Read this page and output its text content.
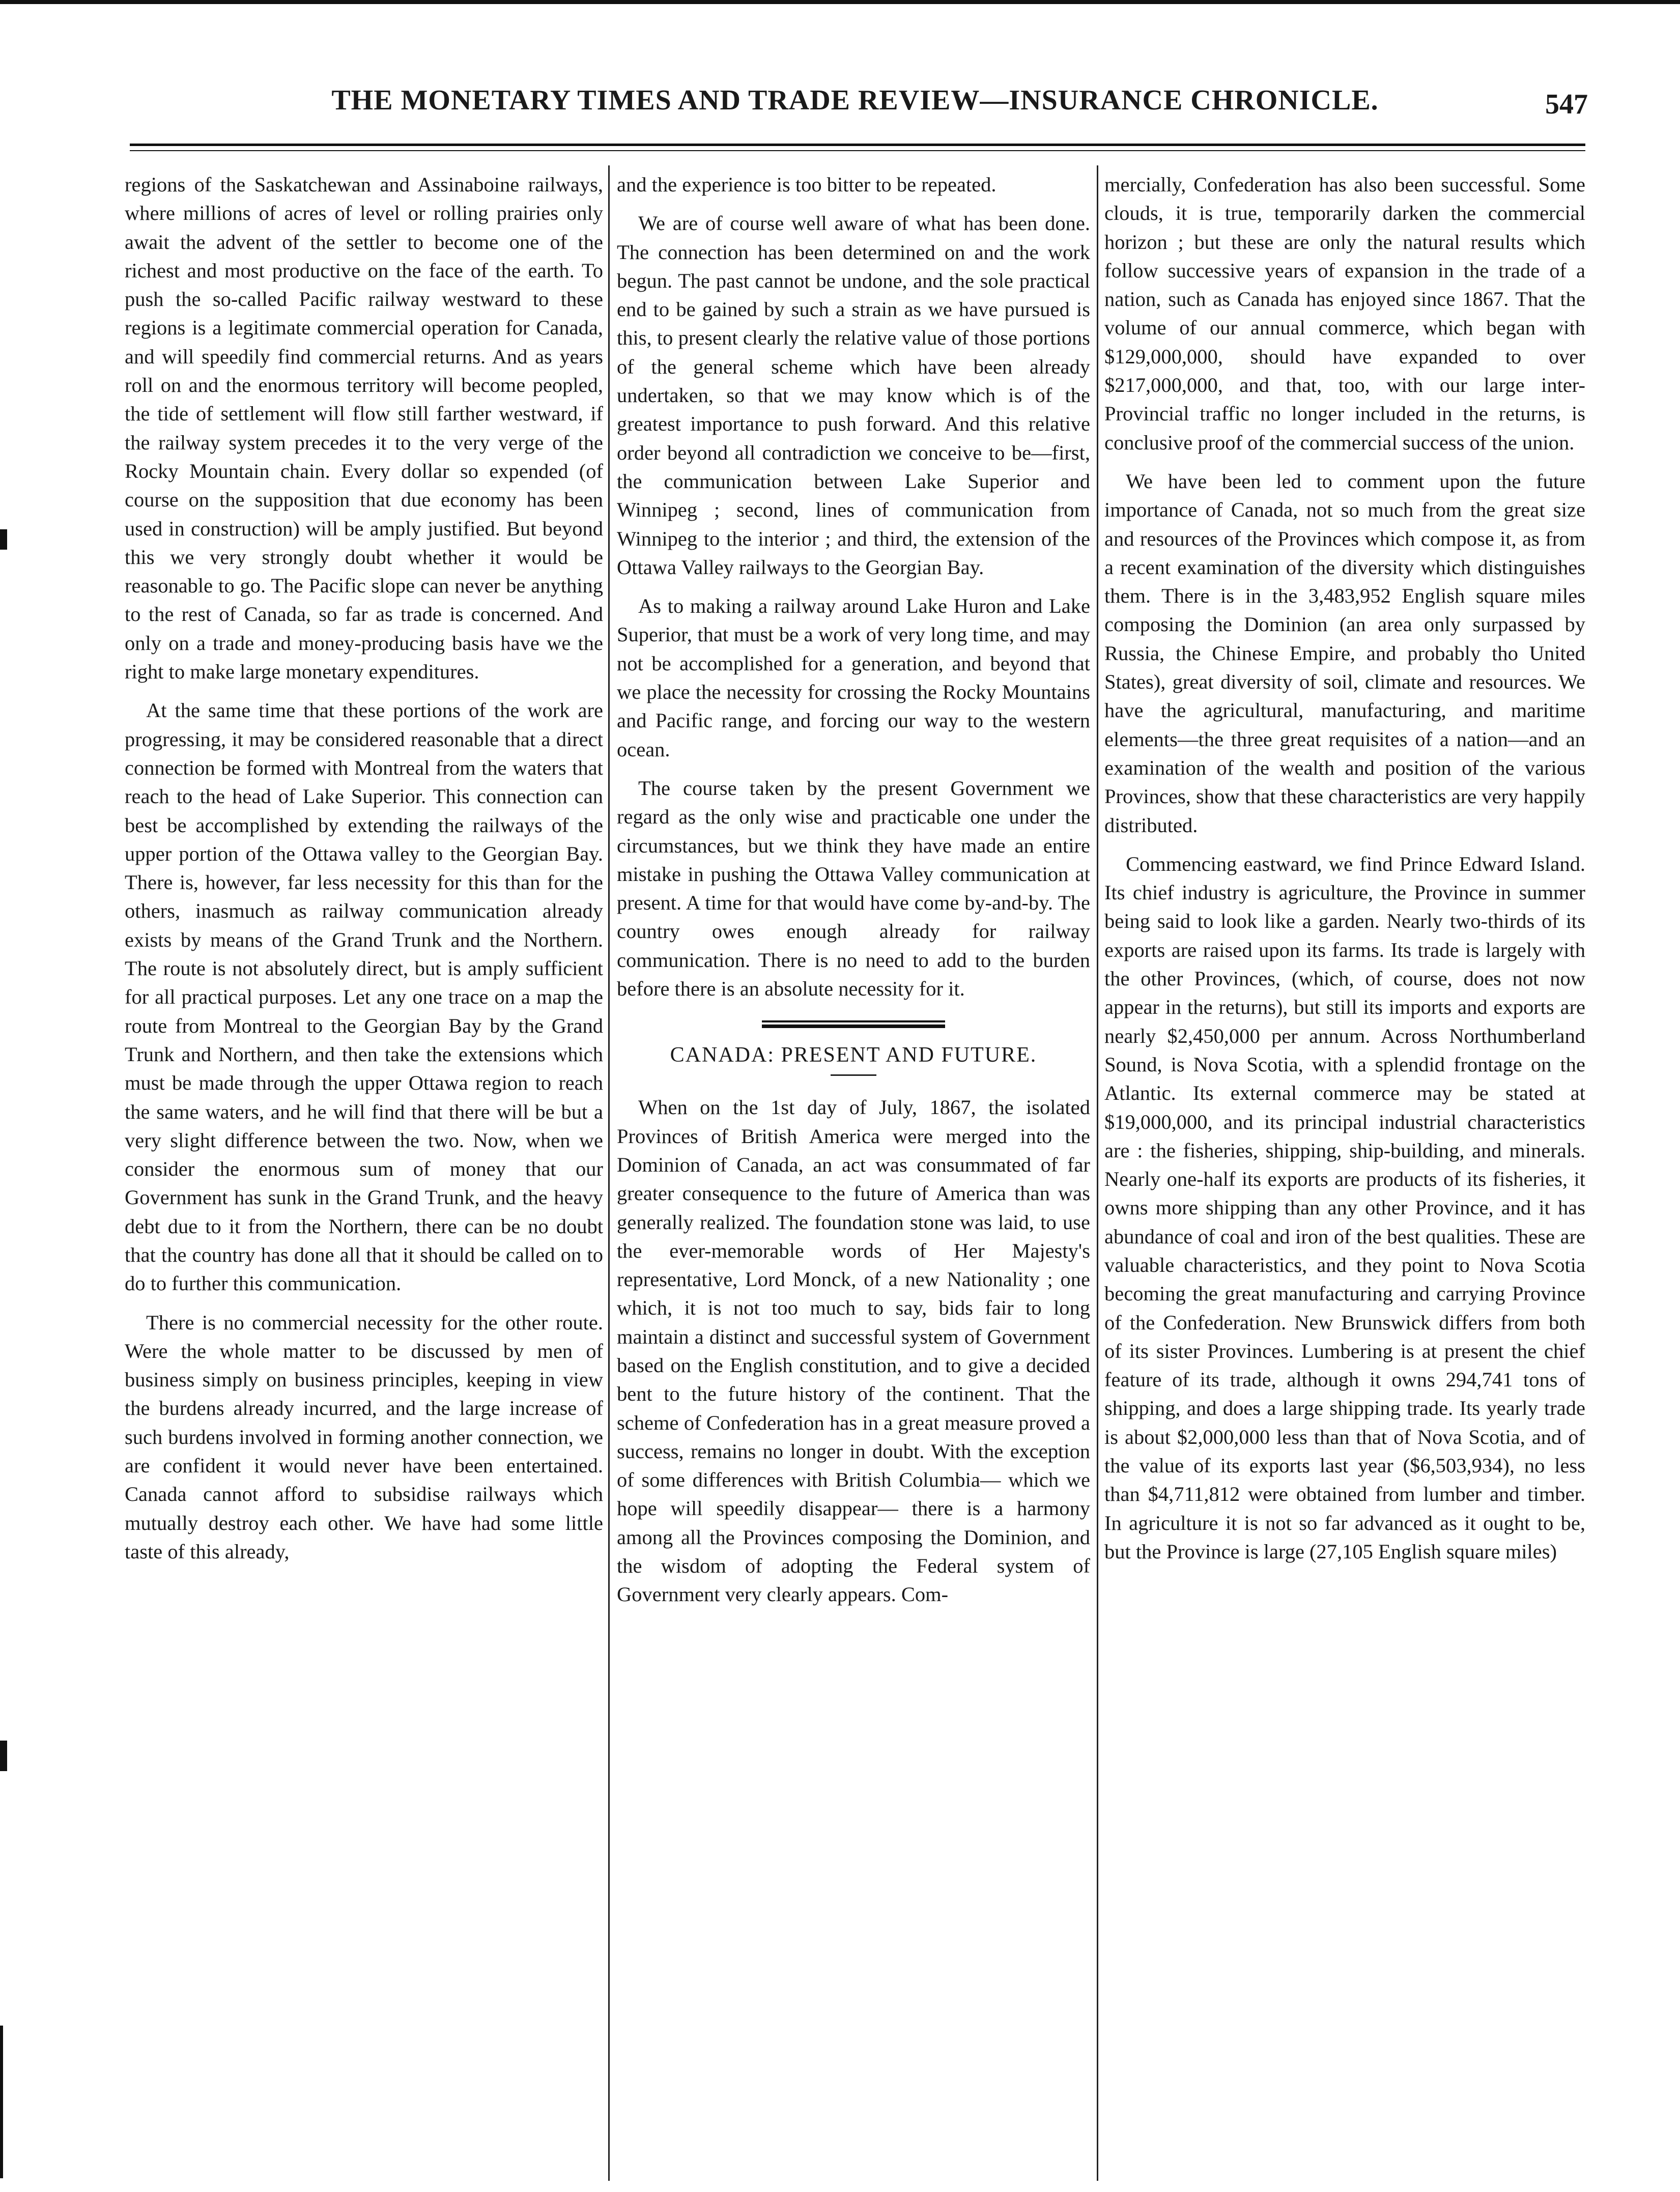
THE MONETARY TIMES AND TRADE REVIEW—INSURANCE CHRONICLE.	547

regions of the Saskatchewan and Assinaboine railways, where millions of acres of level or rolling prairies only await the advent of the settler to become one of the richest and most productive on the face of the earth. To push the so-called Pacific railway westward to these regions is a legitimate commercial operation for Canada, and will speedily find commercial returns. And as years roll on and the enormous territory will become peopled, the tide of settlement will flow still farther westward, if the railway system precedes it to the very verge of the Rocky Mountain chain. Every dollar so expended (of course on the supposition that due economy has been used in construction) will be amply justified. But beyond this we very strongly doubt whether it would be reasonable to go. The Pacific slope can never be anything to the rest of Canada, so far as trade is concerned. And only on a trade and money-producing basis have we the right to make large monetary expenditures.

At the same time that these portions of the work are progressing, it may be considered reasonable that a direct connection be formed with Montreal from the waters that reach to the head of Lake Superior. This connection can best be accomplished by extending the railways of the upper portion of the Ottawa valley to the Georgian Bay. There is, however, far less necessity for this than for the others, inasmuch as railway communication already exists by means of the Grand Trunk and the Northern. The route is not absolutely direct, but is amply sufficient for all practical purposes. Let any one trace on a map the route from Montreal to the Georgian Bay by the Grand Trunk and Northern, and then take the extensions which must be made through the upper Ottawa region to reach the same waters, and he will find that there will be but a very slight difference between the two. Now, when we consider the enormous sum of money that our Government has sunk in the Grand Trunk, and the heavy debt due to it from the Northern, there can be no doubt that the country has done all that it should be called on to do to further this communication.

There is no commercial necessity for the other route. Were the whole matter to be discussed by men of business simply on business principles, keeping in view the burdens already incurred, and the large increase of such burdens involved in forming another connection, we are confident it would never have been entertained. Canada cannot afford to subsidise railways which mutually destroy each other. We have had some little taste of this already,

and the experience is too bitter to be repeated.

We are of course well aware of what has been done. The connection has been determined on and the work begun. The past cannot be undone, and the sole practical end to be gained by such a strain as we have pursued is this, to present clearly the relative value of those portions of the general scheme which have been already undertaken, so that we may know which is of the greatest importance to push forward. And this relative order beyond all contradiction we conceive to be—first, the communication between Lake Superior and Winnipeg ; second, lines of communication from Winnipeg to the interior ; and third, the extension of the Ottawa Valley railways to the Georgian Bay.

As to making a railway around Lake Huron and Lake Superior, that must be a work of very long time, and may not be accomplished for a generation, and beyond that we place the necessity for crossing the Rocky Mountains and Pacific range, and forcing our way to the western ocean.

The course taken by the present Government we regard as the only wise and practicable one under the circumstances, but we think they have made an entire mistake in pushing the Ottawa Valley communication at present. A time for that would have come by-and-by. The country owes enough already for railway communication. There is no need to add to the burden before there is an absolute necessity for it.

CANADA: PRESENT AND FUTURE.

When on the 1st day of July, 1867, the isolated Provinces of British America were merged into the Dominion of Canada, an act was consummated of far greater consequence to the future of America than was generally realized. The foundation stone was laid, to use the ever-memorable words of Her Majesty's representative, Lord Monck, of a new Nationality ; one which, it is not too much to say, bids fair to long maintain a distinct and successful system of Government based on the English constitution, and to give a decided bent to the future history of the continent. That the scheme of Confederation has in a great measure proved a success, remains no longer in doubt. With the exception of some differences with British Columbia— which we hope will speedily disappear— there is a harmony among all the Provinces composing the Dominion, and the wisdom of adopting the Federal system of Government very clearly appears. Com-

mercially, Confederation has also been successful. Some clouds, it is true, temporarily darken the commercial horizon ; but these are only the natural results which follow successive years of expansion in the trade of a nation, such as Canada has enjoyed since 1867. That the volume of our annual commerce, which began with $129,000,000, should have expanded to over $217,000,000, and that, too, with our large inter-Provincial traffic no longer included in the returns, is conclusive proof of the commercial success of the union.

We have been led to comment upon the future importance of Canada, not so much from the great size and resources of the Provinces which compose it, as from a recent examination of the diversity which distinguishes them. There is in the 3,483,952 English square miles composing the Dominion (an area only surpassed by Russia, the Chinese Empire, and probably tho United States), great diversity of soil, climate and resources. We have the agricultural, manufacturing, and maritime elements—the three great requisites of a nation—and an examination of the wealth and position of the various Provinces, show that these characteristics are very happily distributed.

Commencing eastward, we find Prince Edward Island. Its chief industry is agriculture, the Province in summer being said to look like a garden. Nearly two-thirds of its exports are raised upon its farms. Its trade is largely with the other Provinces, (which, of course, does not now appear in the returns), but still its imports and exports are nearly $2,450,000 per annum. Across Northumberland Sound, is Nova Scotia, with a splendid frontage on the Atlantic. Its external commerce may be stated at $19,000,000, and its principal industrial characteristics are : the fisheries, shipping, ship-building, and minerals. Nearly one-half its exports are products of its fisheries, it owns more shipping than any other Province, and it has abundance of coal and iron of the best qualities. These are valuable characteristics, and they point to Nova Scotia becoming the great manufacturing and carrying Province of the Confederation. New Brunswick differs from both of its sister Provinces. Lumbering is at present the chief feature of its trade, although it owns 294,741 tons of shipping, and does a large shipping trade. Its yearly trade is about $2,000,000 less than that of Nova Scotia, and of the value of its exports last year ($6,503,934), no less than $4,711,812 were obtained from lumber and timber. In agriculture it is not so far advanced as it ought to be, but the Province is large (27,105 English square miles)
